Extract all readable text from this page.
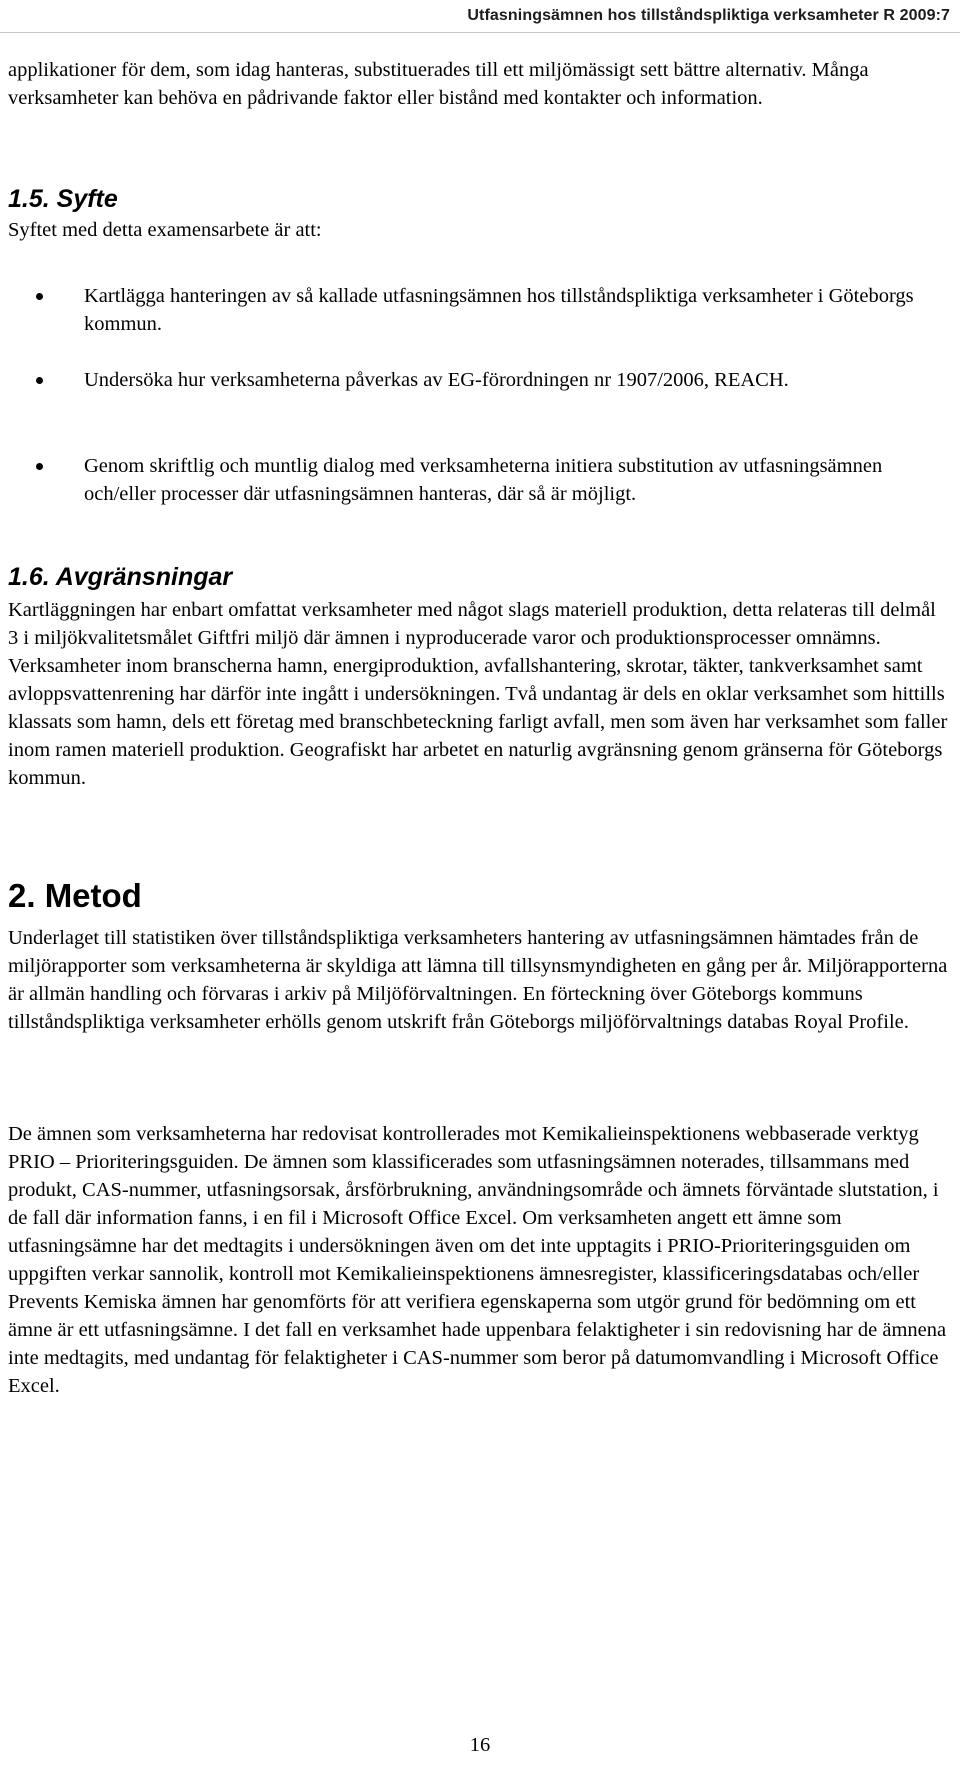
Utfasningsämnen hos tillståndspliktiga verksamheter R 2009:7

applikationer för dem, som idag hanteras, substituerades till ett miljömässigt sett bättre alternativ. Många verksamheter kan behöva en pådrivande faktor eller bistånd med kontakter och information.

1.5. Syfte

Syftet med detta examensarbete är att:

Kartlägga hanteringen av så kallade utfasningsämnen hos tillståndspliktiga verksamheter i Göteborgs kommun.
Undersöka hur verksamheterna påverkas av EG-förordningen nr 1907/2006, REACH.
Genom skriftlig och muntlig dialog med verksamheterna initiera substitution av utfasningsämnen och/eller processer där utfasningsämnen hanteras, där så är möjligt.
1.6. Avgränsningar

Kartläggningen har enbart omfattat verksamheter med något slags materiell produktion, detta relateras till delmål 3 i miljökvalitetsmålet Giftfri miljö där ämnen i nyproducerade varor och produktionsprocesser omnämns. Verksamheter inom branscherna hamn, energiproduktion, avfallshantering, skrotar, täkter, tankverksamhet samt avloppsvattenrening har därför inte ingått i undersökningen. Två undantag är dels en oklar verksamhet som hittills klassats som hamn, dels ett företag med branschbeteckning farligt avfall, men som även har verksamhet som faller inom ramen materiell produktion. Geografiskt har arbetet en naturlig avgränsning genom gränserna för Göteborgs kommun.

2. Metod

Underlaget till statistiken över tillståndspliktiga verksamheters hantering av utfasningsämnen hämtades från de miljörapporter som verksamheterna är skyldiga att lämna till tillsynsmyndigheten en gång per år. Miljörapporterna är allmän handling och förvaras i arkiv på Miljöförvaltningen. En förteckning över Göteborgs kommuns tillståndspliktiga verksamheter erhölls genom utskrift från Göteborgs miljöförvaltnings databas Royal Profile.

De ämnen som verksamheterna har redovisat kontrollerades mot Kemikalieinspektionens webbaserade verktyg PRIO – Prioriteringsguiden. De ämnen som klassificerades som utfasningsämnen noterades, tillsammans med produkt, CAS-nummer, utfasningsorsak, årsförbrukning, användningsområde och ämnets förväntade slutstation, i de fall där information fanns, i en fil i Microsoft Office Excel. Om verksamheten angett ett ämne som utfasningsämne har det medtagits i undersökningen även om det inte upptagits i PRIO-Prioriteringsguiden om uppgiften verkar sannolik, kontroll mot Kemikalieinspektionens ämnesregister, klassificeringsdatabas och/eller Prevents Kemiska ämnen har genomförts för att verifiera egenskaperna som utgör grund för bedömning om ett ämne är ett utfasningsämne. I det fall en verksamhet hade uppenbara felaktigheter i sin redovisning har de ämnena inte medtagits, med undantag för felaktigheter i CAS-nummer som beror på datumomvandling i Microsoft Office Excel.

16
